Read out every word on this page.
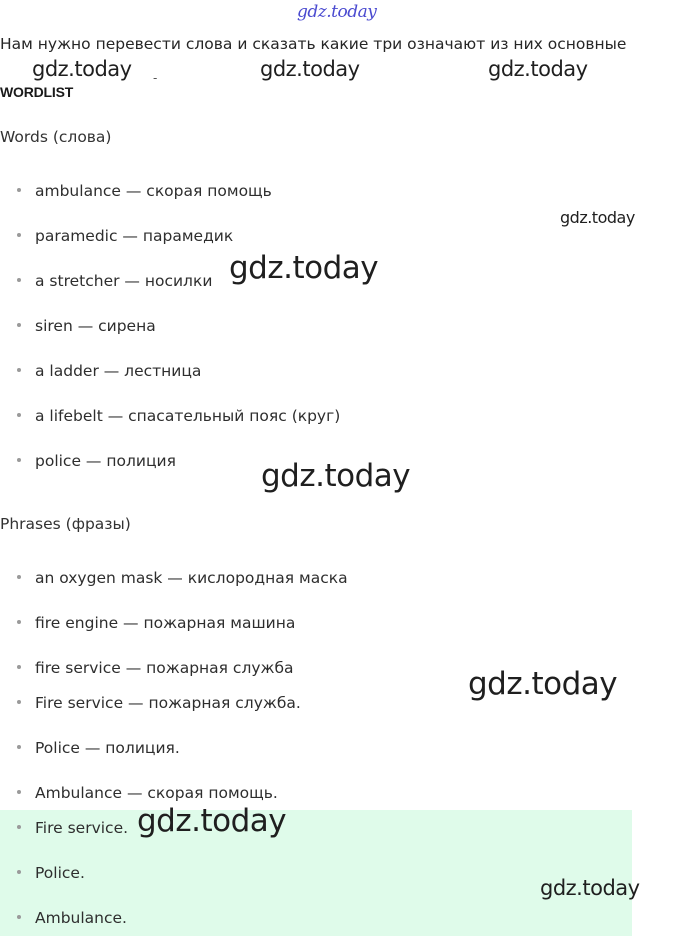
gdz.today
Нам нужно перевести слова и сказать какие три означают из них основные
gdz.today -	gdz.today	gdz.today
WORDLIST
Words (слова)
ambulance — скорая помощь
paramedic — парамедик
a stretcher — носилки
siren — сирена
a ladder — лестница
a lifebelt — спасательный пояс (круг)
police — полиция
gdz.today
gdz.today
gdz.today
Phrases (фразы)
an oxygen mask — кислородная маска
fire engine — пожарная машина
fire service — пожарная служба
Fire service — пожарная служба.
Police — полиция.
Ambulance — скорая помощь.
gdz.today
Fire service.
Police.
Ambulance.
gdz.today
gdz.today
